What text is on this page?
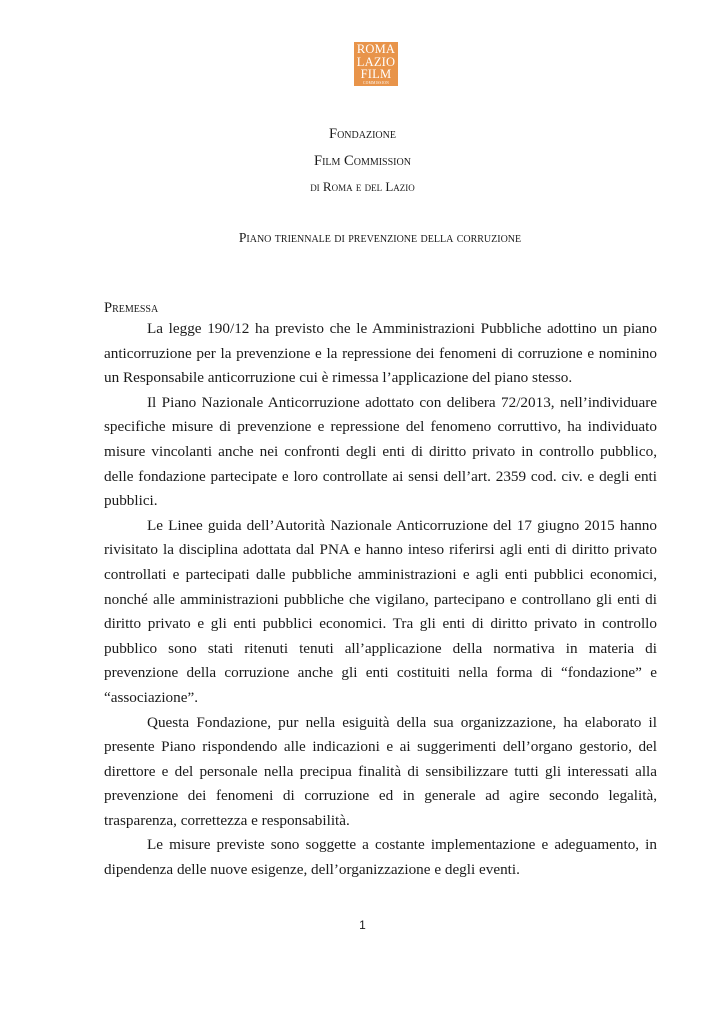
ROMA
LAZIO
FILM
COMMISSION
Fondazione
Film Commission
di Roma e del Lazio
Piano triennale di prevenzione della corruzione
Premessa

La legge 190/12 ha previsto che le Amministrazioni Pubbliche adottino un piano anticorruzione per la prevenzione e la repressione dei fenomeni di corruzione e nominino un Responsabile anticorruzione cui è rimessa l’applicazione del piano stesso.

Il Piano Nazionale Anticorruzione adottato con delibera 72/2013, nell’individuare specifiche misure di prevenzione e repressione del fenomeno corruttivo, ha individuato misure vincolanti anche nei confronti degli enti di diritto privato in controllo pubblico, delle fondazione partecipate e loro controllate ai sensi dell’art. 2359 cod. civ. e degli enti pubblici.

Le Linee guida dell’Autorità Nazionale Anticorruzione del 17 giugno 2015 hanno rivisitato la disciplina adottata dal PNA e hanno inteso riferirsi agli enti di diritto privato controllati e partecipati dalle pubbliche amministrazioni e agli enti pubblici economici, nonché alle amministrazioni pubbliche che vigilano, partecipano e controllano gli enti di diritto privato e gli enti pubblici economici. Tra gli enti di diritto privato in controllo pubblico sono stati ritenuti tenuti all’applicazione della normativa in materia di prevenzione della corruzione anche gli enti costituiti nella forma di “fondazione” e “associazione”.

Questa Fondazione, pur nella esiguità della sua organizzazione, ha elaborato il presente Piano rispondendo alle indicazioni e ai suggerimenti dell’organo gestorio, del direttore e del personale nella precipua finalità di sensibilizzare tutti gli interessati alla prevenzione dei fenomeni di corruzione ed in generale ad agire secondo legalità, trasparenza, correttezza e responsabilità.

Le misure previste sono soggette a costante implementazione e adeguamento, in dipendenza delle nuove esigenze, dell’organizzazione e degli eventi.

1
